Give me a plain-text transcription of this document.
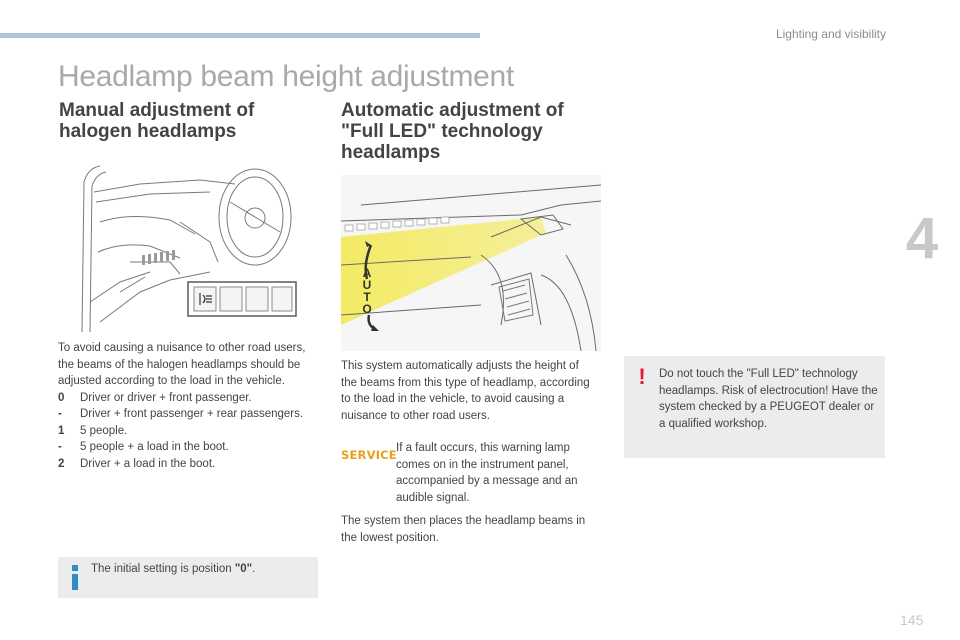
Lighting and visibility
4
Headlamp beam height adjustment
Manual adjustment of halogen headlamps
Automatic adjustment of "Full LED" technology headlamps
A
U
T
O

To avoid causing a nuisance to other road users, the beams of the halogen headlamps should be adjusted according to the load in the vehicle.

0	Driver or driver + front passenger.
-	Driver + front passenger + rear passengers.
1	5 people.
-	5 people + a load in the boot.
2	Driver + a load in the boot.
The initial setting is position "0".

This system automatically adjusts the height of the beams from this type of headlamp, according to the load in the vehicle, to avoid causing a nuisance to other road users.

SERVICE If a fault occurs, this warning lamp comes on in the instrument panel, accompanied by a message and an audible signal.

The system then places the headlamp beams in the lowest position.

! Do not touch the "Full LED" technology headlamps. Risk of electrocution! Have the system checked by a PEUGEOT dealer or a qualified workshop.
145
